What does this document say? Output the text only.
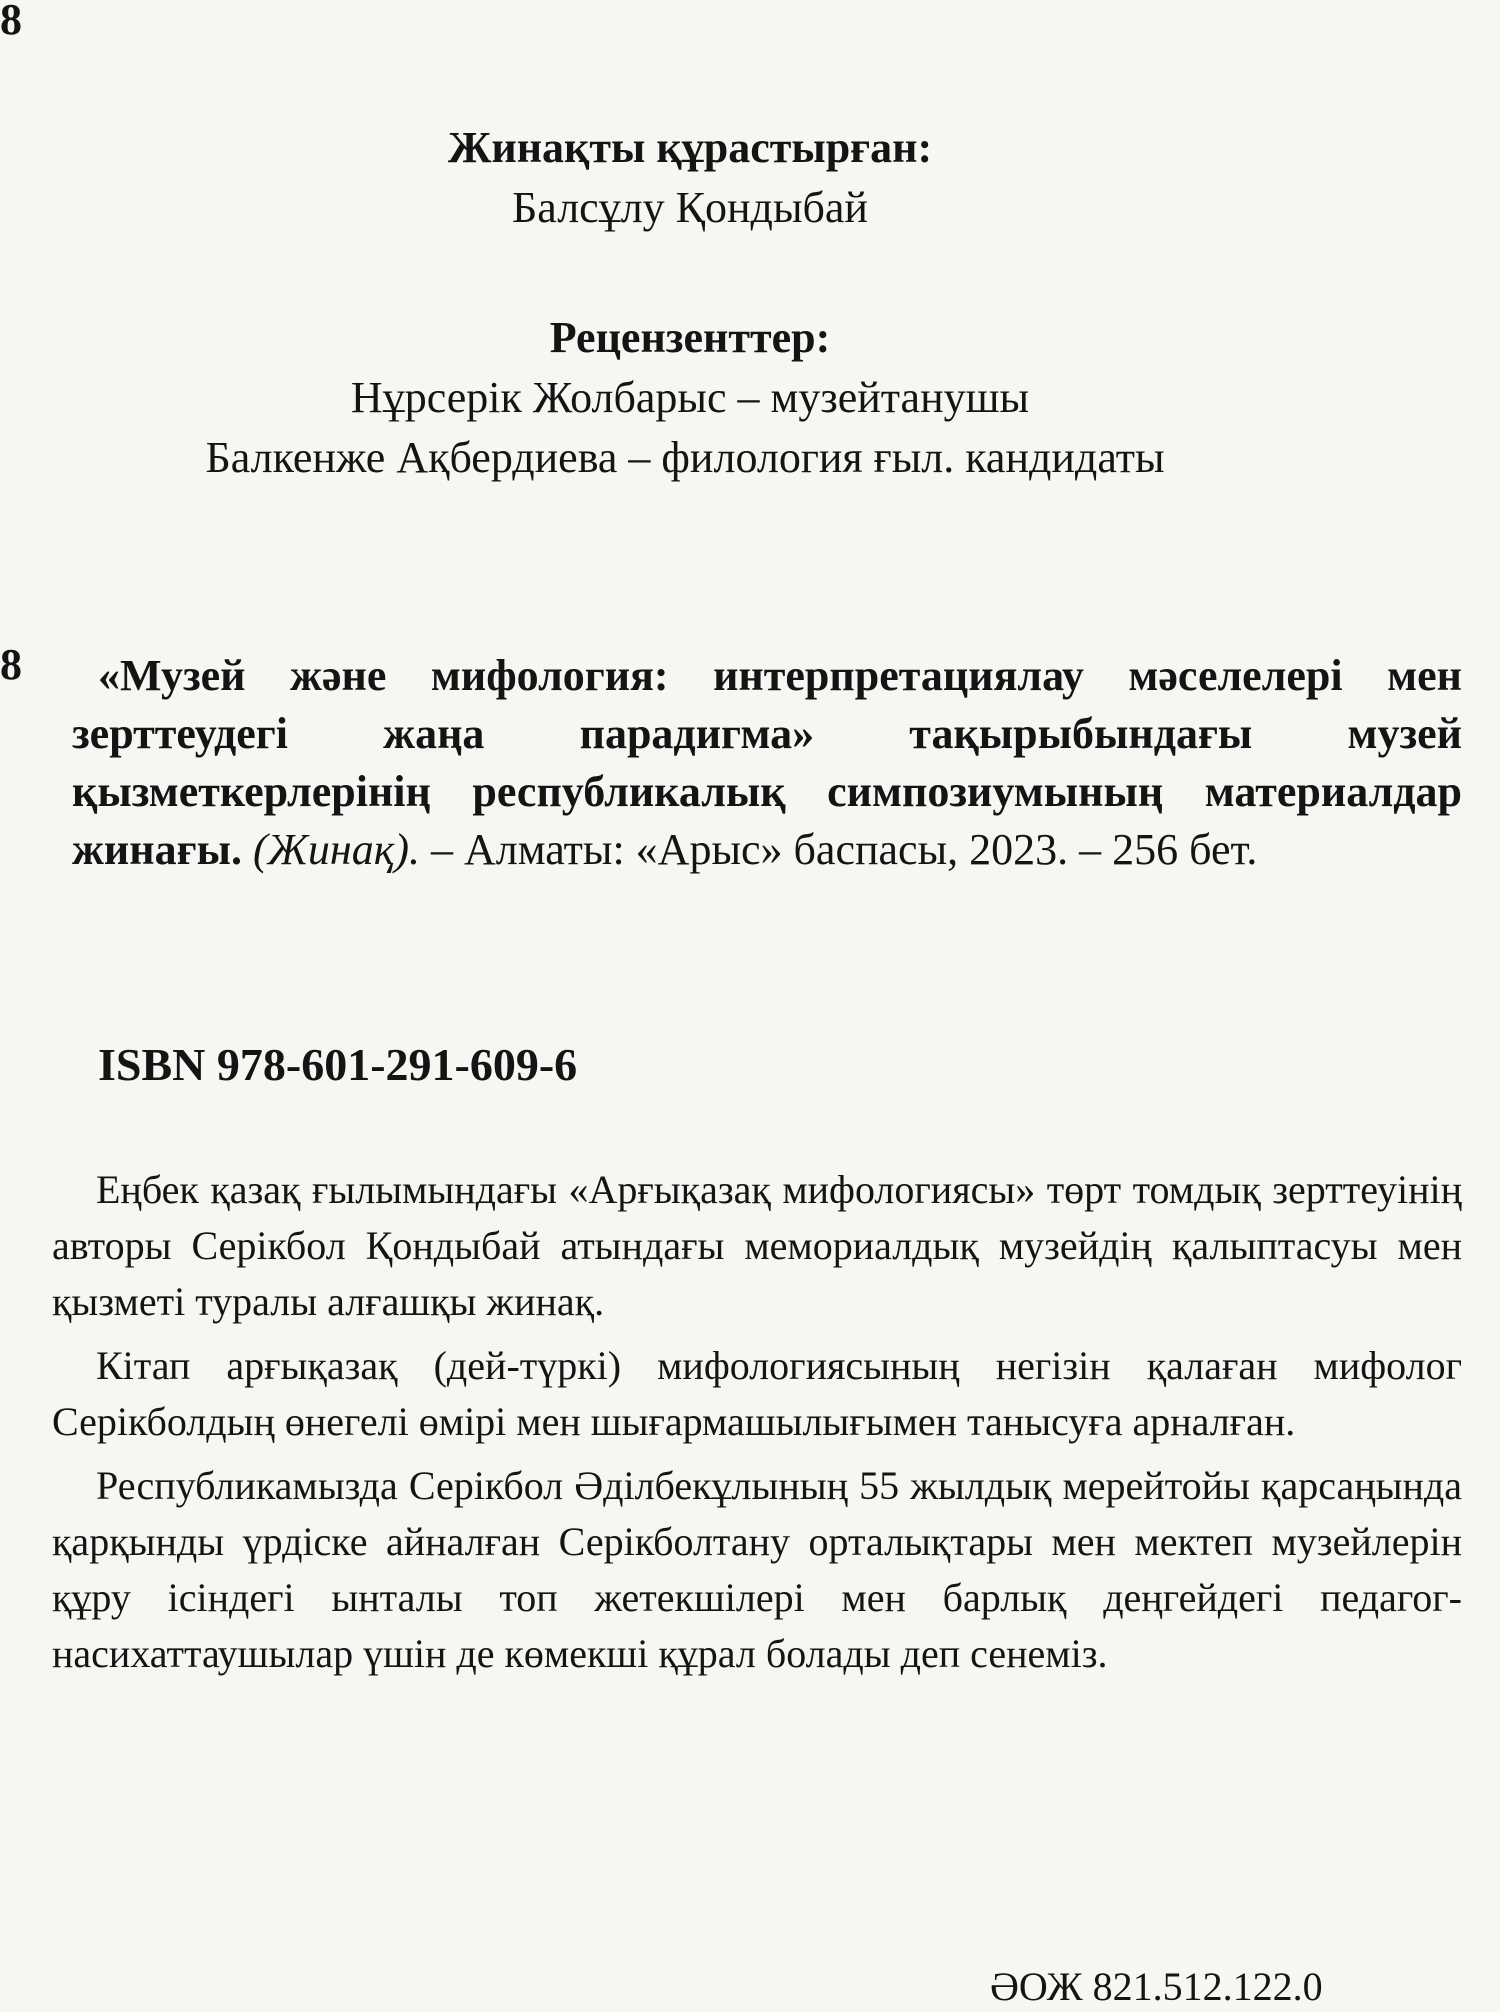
8
Жинақты құрастырған:
Балсұлу Қондыбай
Рецензенттер:
Нұрсерік Жолбарыс – музейтанушы
Балкенже Ақбердиева – филология ғыл. кандидаты
8	«Музей және мифология: интерпретациялау мәселелері мен зерттеудегі жаңа парадигма» тақырыбындағы музей қызметкерлерінің республикалық симпозиумының материалдар жинағы. (Жинақ). – Алматы: «Арыс» баспасы, 2023. – 256 бет.
ISBN 978-601-291-609-6

Еңбек қазақ ғылымындағы «Арғықазақ мифологиясы» төрт томдық зерттеуінің авторы Серікбол Қондыбай атындағы мемориалдық музейдің қалыптасуы мен қызметі туралы алғашқы жинақ.

Кітап арғықазақ (дей-түркі) мифологиясының негізін қалаған мифолог Серікболдың өнегелі өмірі мен шығармашылығымен танысуға арналған.

Республикамызда Серікбол Әділбекұлының 55 жылдық мерейтойы қарсаңында қарқынды үрдіске айналған Серікболтану орталықтары мен мектеп музейлерін құру ісіндегі ынталы топ жетекшілері мен барлық деңгейдегі педагог-насихаттаушылар үшін де көмекші құрал болады деп сенеміз.

ӘОЖ 821.512.122.0
